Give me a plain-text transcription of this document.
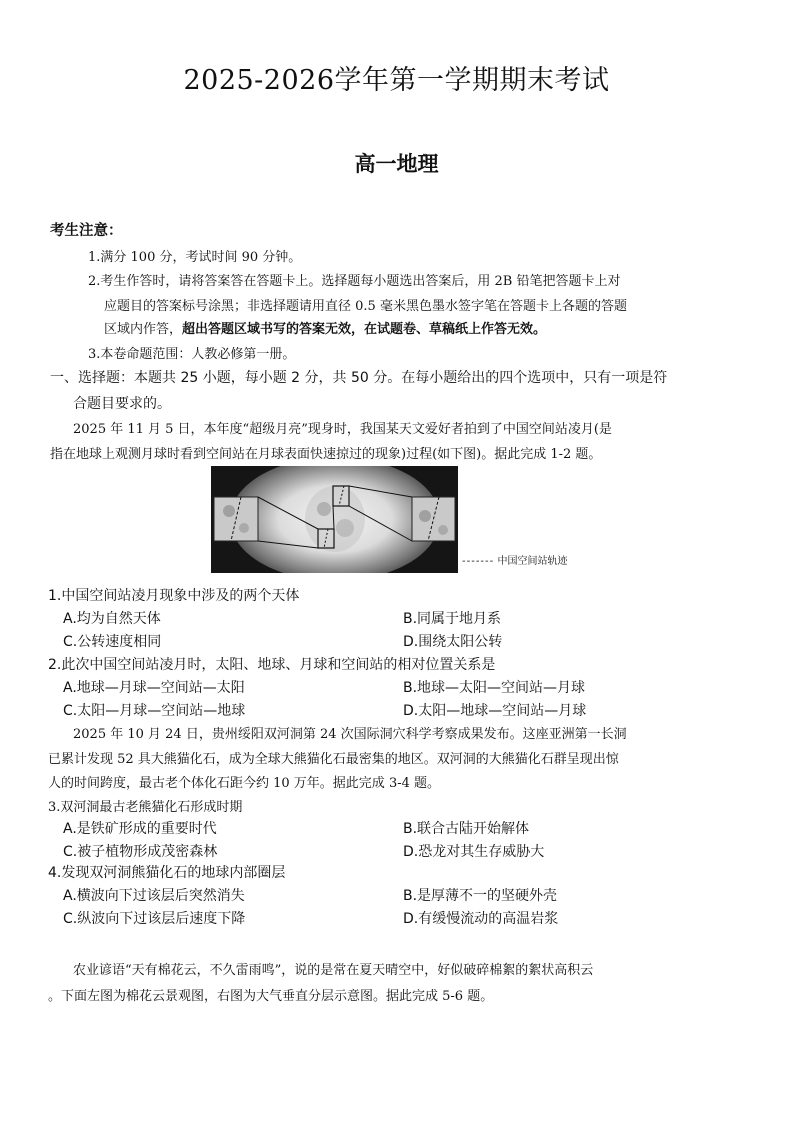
2025-2026学年第一学期期末考试
高一地理
考生注意：
1.满分 100 分，考试时间 90 分钟。
2.考生作答时，请将答案答在答题卡上。选择题每小题选出答案后，用 2B 铅笔把答题卡上对
应题目的答案标号涂黑；非选择题请用直径 0.5 毫米黑色墨水签字笔在答题卡上各题的答题
区域内作答，超出答题区域书写的答案无效，在试题卷、草稿纸上作答无效。
3.本卷命题范围：人教必修第一册。
一、选择题：本题共 25 小题，每小题 2 分，共 50 分。在每小题给出的四个选项中，只有一项是符
合题目要求的。
2025 年 11 月 5 日，本年度“超级月亮”现身时，我国某天文爱好者拍到了中国空间站凌月(是
指在地球上观测月球时看到空间站在月球表面快速掠过的现象)过程(如下图)。据此完成 1-2 题。
------- 中国空间站轨迹
1.中国空间站凌月现象中涉及的两个天体
A.均为自然天体	B.同属于地月系
C.公转速度相同	D.围绕太阳公转
2.此次中国空间站凌月时，太阳、地球、月球和空间站的相对位置关系是
A.地球—月球—空间站—太阳	B.地球—太阳—空间站—月球
C.太阳—月球—空间站—地球	D.太阳—地球—空间站—月球
2025 年 10 月 24 日，贵州绥阳双河洞第 24 次国际洞穴科学考察成果发布。这座亚洲第一长洞
已累计发现 52 具大熊猫化石，成为全球大熊猫化石最密集的地区。双河洞的大熊猫化石群呈现出惊
人的时间跨度，最古老个体化石距今约 10 万年。据此完成 3-4 题。
3.双河洞最古老熊猫化石形成时期
A.是铁矿形成的重要时代	B.联合古陆开始解体
C.被子植物形成茂密森林	D.恐龙对其生存威胁大
4.发现双河洞熊猫化石的地球内部圈层
A.横波向下过该层后突然消失	B.是厚薄不一的坚硬外壳
C.纵波向下过该层后速度下降	D.有缓慢流动的高温岩浆
农业谚语“天有棉花云，不久雷雨鸣”，说的是常在夏天晴空中，好似破碎棉絮的絮状高积云
。下面左图为棉花云景观图，右图为大气垂直分层示意图。据此完成 5-6 题。
